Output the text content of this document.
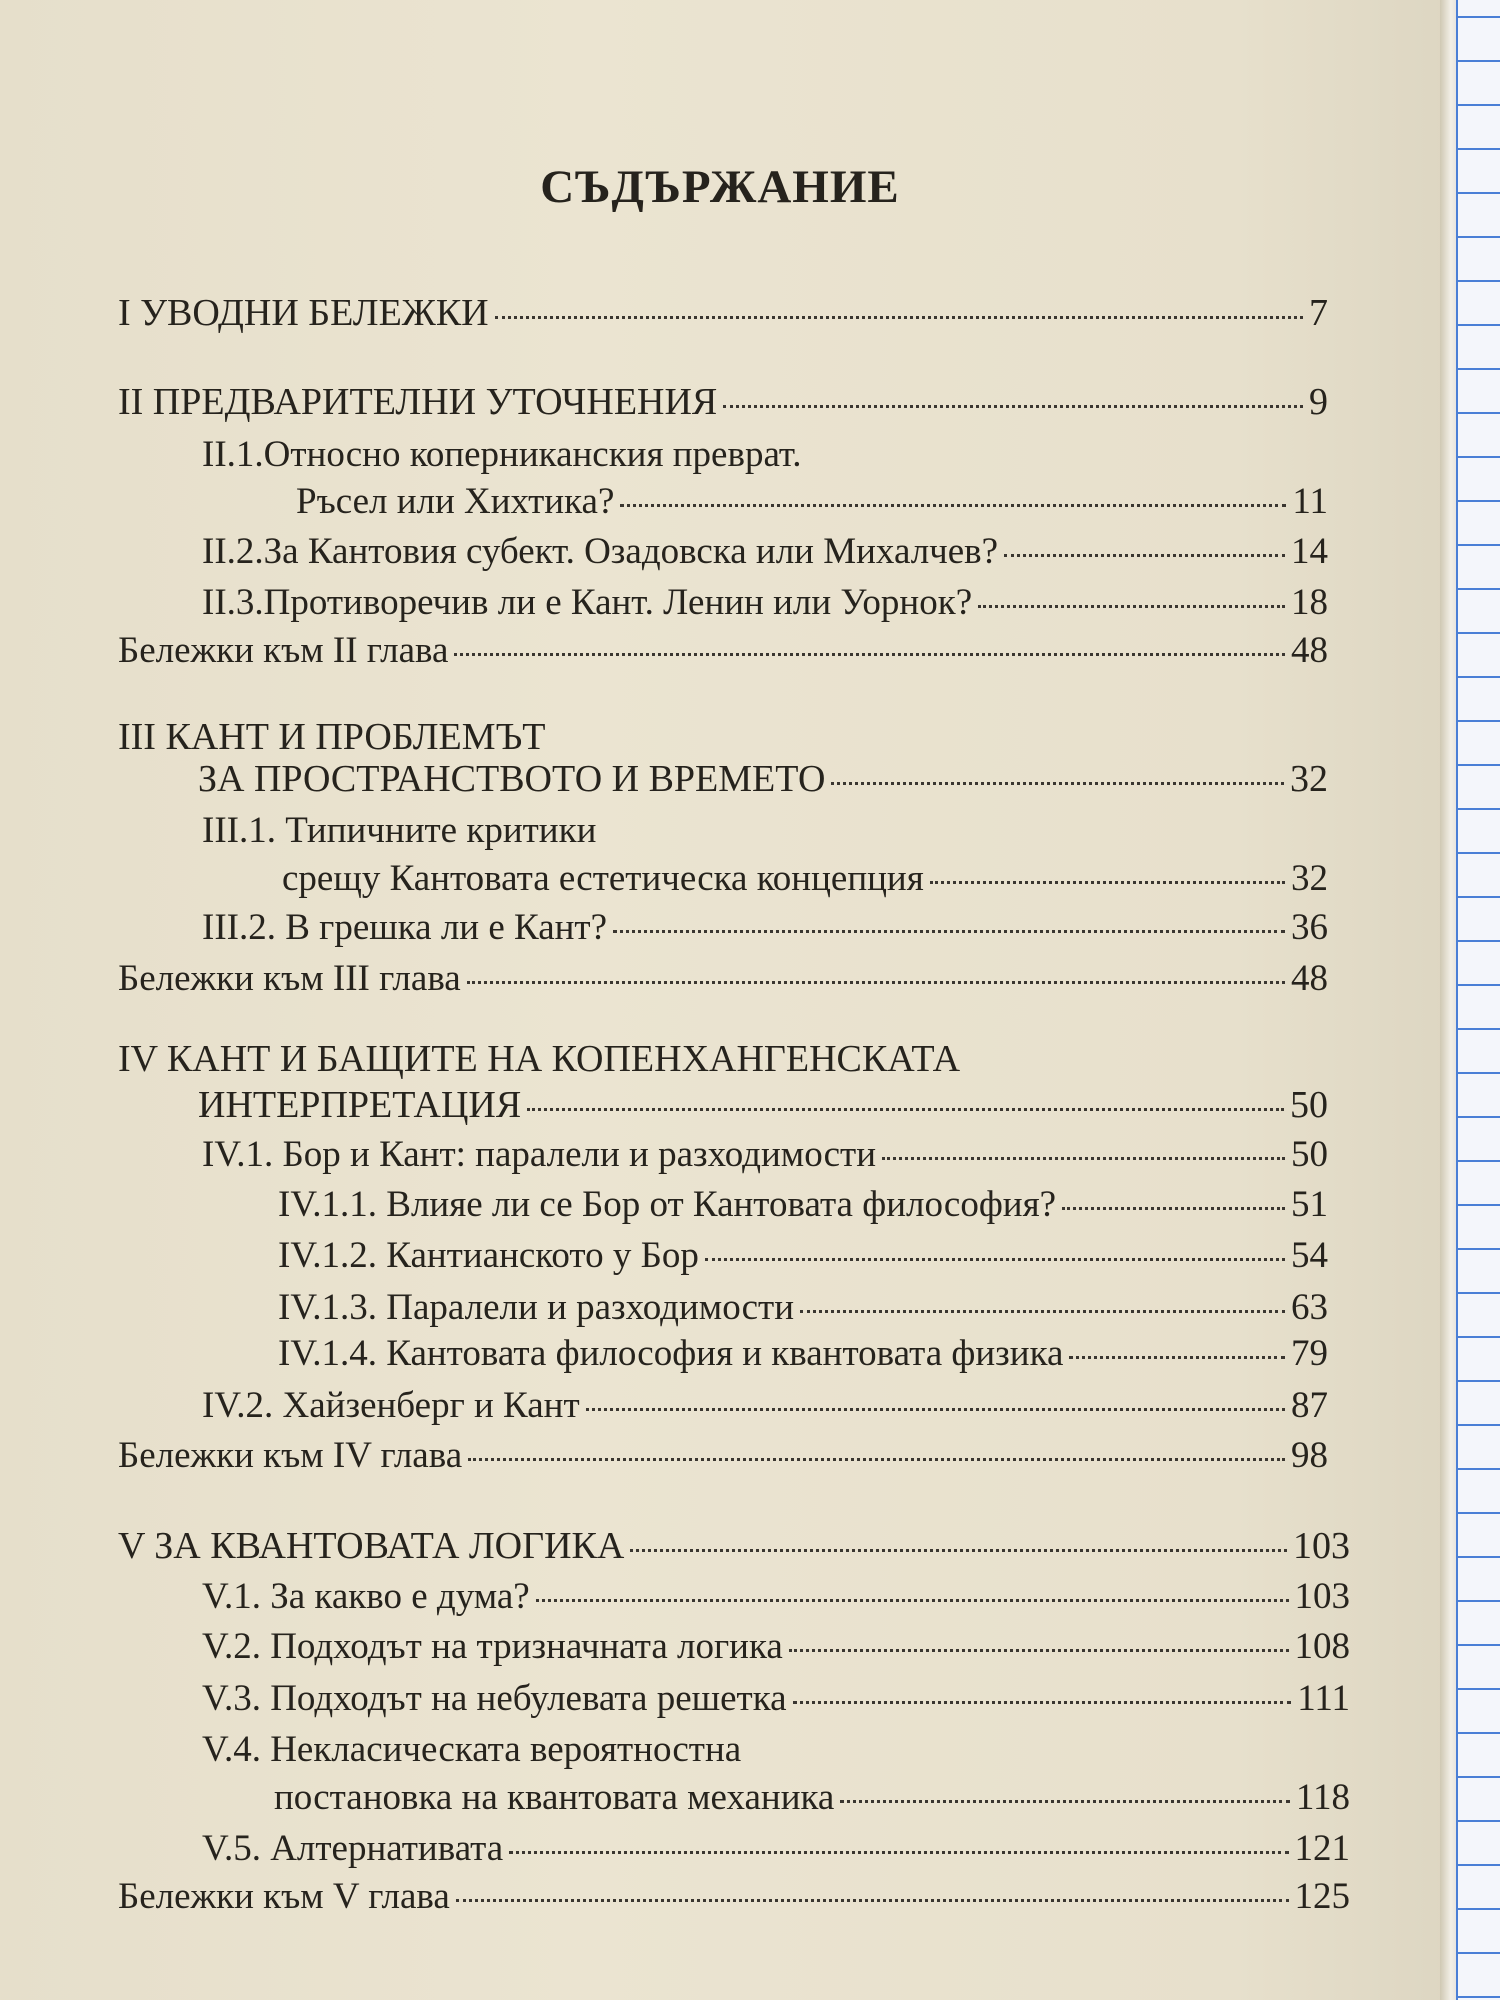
СЪДЪРЖАНИЕ
I УВОДНИ БЕЛЕЖКИ	7
II ПРЕДВАРИТЕЛНИ УТОЧНЕНИЯ	9
II.1.Относно коперниканския преврат.
Ръсел или Хихтика?	11
II.2.За Кантовия субект. Озадовска или Михалчев?	14
II.3.Противоречив ли е Кант. Ленин или Уорнок?	18
Бележки към II глава	48
III КАНТ И ПРОБЛЕМЪТ
ЗА ПРОСТРАНСТВОТО И ВРЕМЕТО	32
III.1. Типичните критики
срещу Кантовата естетическа концепция	32
III.2. В грешка ли е Кант?	36
Бележки към III глава	48
IV КАНТ И БАЩИТЕ НА КОПЕНХАНГЕНСКАТА
ИНТЕРПРЕТАЦИЯ	50
IV.1. Бор и Кант: паралели и разходимости	50
IV.1.1. Влияе ли се Бор от Кантовата философия?	51
IV.1.2. Кантианското у Бор	54
IV.1.3. Паралели и разходимости	63
IV.1.4. Кантовата философия и квантовата физика	79
IV.2. Хайзенберг и Кант	87
Бележки към IV глава	98
V ЗА КВАНТОВАТА ЛОГИКА	103
V.1. За какво е дума?	103
V.2. Подходът на тризначната логика	108
V.3. Подходът на небулевата решетка	111
V.4. Некласическата вероятностна
постановка на квантовата механика	118
V.5. Алтернативата	121
Бележки към V глава	125
